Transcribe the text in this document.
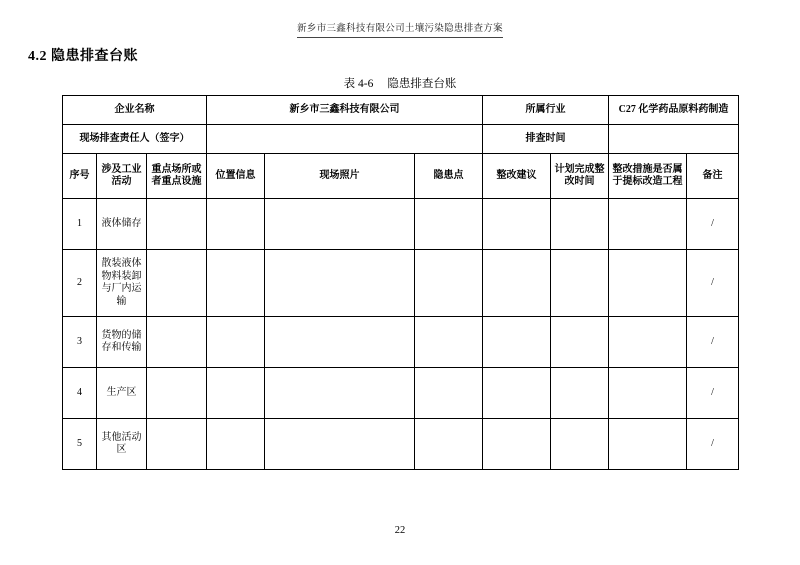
新乡市三鑫科技有限公司土壤污染隐患排查方案
4.2 隐患排查台账
表 4-6 隐患排查台账
企业名称			新乡市三鑫科技有限公司			所属行业		C27 化学药品原料药制造	
现场排查责任人（签字）						排查时间			
序号	涉及工业活动	重点场所或者重点设施	位置信息	现场照片	隐患点	整改建议	计划完成整改时间	整改措施是否属于提标改造工程	备注
1	液体储存								/
2	散装液体物料装卸与厂内运输								/
3	货物的储存和传输								/
4	生产区								/
5	其他活动区								/
22
